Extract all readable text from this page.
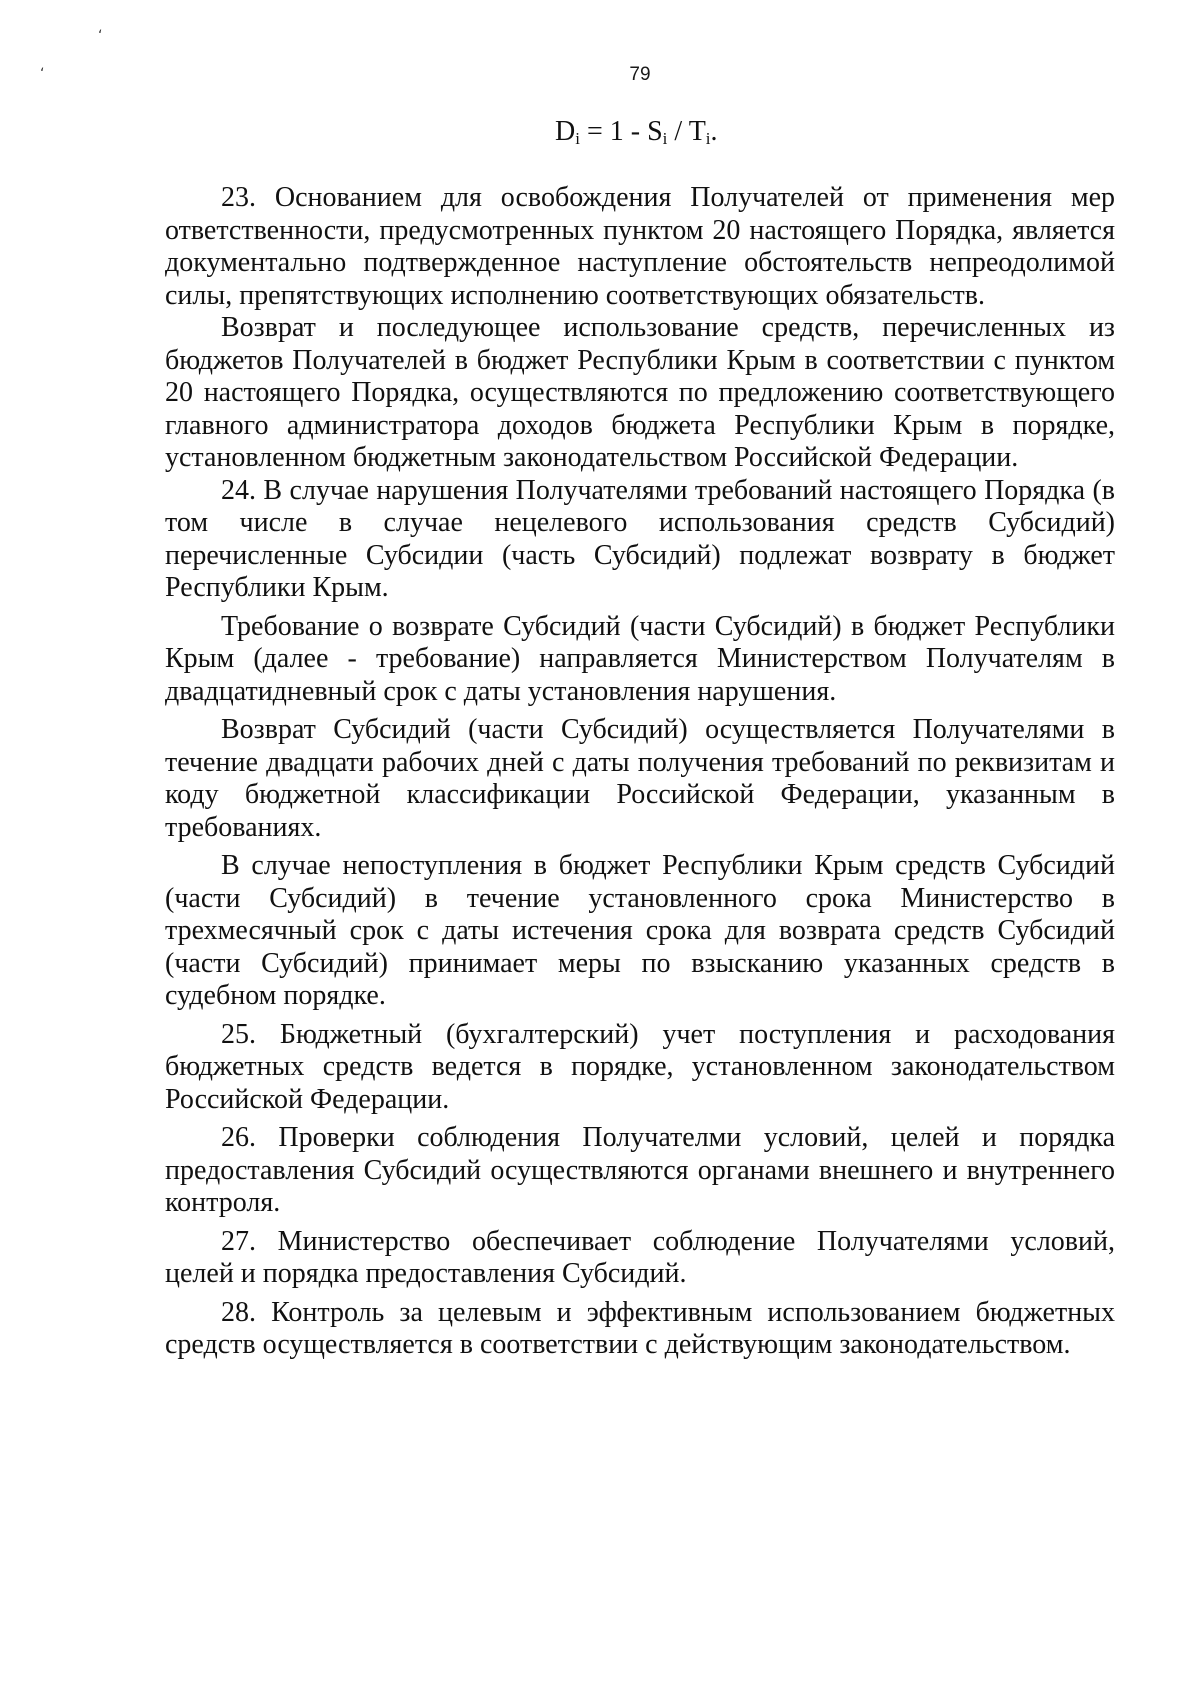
‘
‘	79
$D_i = 1 - S_i / T_i$.

23. Основанием для освобождения Получателей от применения мер ответственности, предусмотренных пунктом 20 настоящего Порядка, является документально подтвержденное наступление обстоятельств непреодолимой силы, препятствующих исполнению соответствующих обязательств.

Возврат и последующее использование средств, перечисленных из бюджетов Получателей в бюджет Республики Крым в соответствии с пунктом 20 настоящего Порядка, осуществляются по предложению соответствующего главного администратора доходов бюджета Республики Крым в порядке, установленном бюджетным законодательством Российской Федерации.

24. В случае нарушения Получателями требований настоящего Порядка (в том числе в случае нецелевого использования средств Субсидий) перечисленные Субсидии (часть Субсидий) подлежат возврату в бюджет Республики Крым.

Требование о возврате Субсидий (части Субсидий) в бюджет Республики Крым (далее - требование) направляется Министерством Получателям в двадцатидневный срок с даты установления нарушения.

Возврат Субсидий (части Субсидий) осуществляется Получателями в течение двадцати рабочих дней с даты получения требований по реквизитам и коду бюджетной классификации Российской Федерации, указанным в требованиях.

В случае непоступления в бюджет Республики Крым средств Субсидий (части Субсидий) в течение установленного срока Министерство в трехмесячный срок с даты истечения срока для возврата средств Субсидий (части Субсидий) принимает меры по взысканию указанных средств в судебном порядке.

25. Бюджетный (бухгалтерский) учет поступления и расходования бюджетных средств ведется в порядке, установленном законодательством Российской Федерации.

26. Проверки соблюдения Получателми условий, целей и порядка предоставления Субсидий осуществляются органами внешнего и внутреннего контроля.

27. Министерство обеспечивает соблюдение Получателями условий, целей и порядка предоставления Субсидий.

28. Контроль за целевым и эффективным использованием бюджетных средств осуществляется в соответствии с действующим законодательством.
